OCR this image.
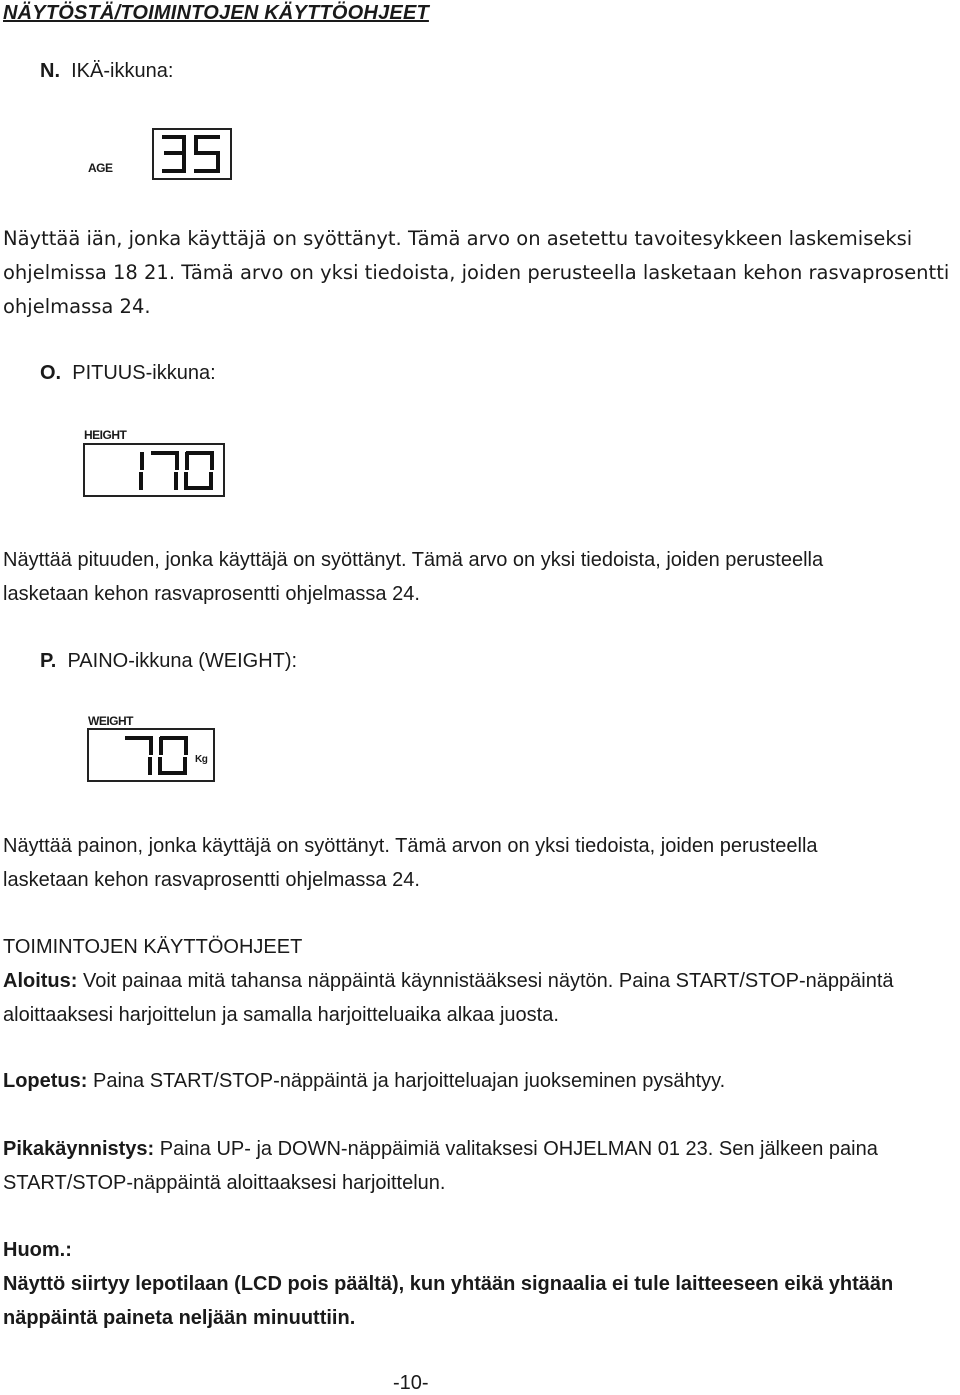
NÄYTÖSTÄ/TOIMINTOJEN KÄYTTÖOHJEET
N. IKÄ-ikkuna:
AGE
Näyttää iän, jonka käyttäjä on syöttänyt. Tämä arvo on asetettu tavoitesykkeen laskemiseksi
ohjelmissa 18 21. Tämä arvo on yksi tiedoista, joiden perusteella lasketaan kehon rasvaprosentti
ohjelmassa 24.
O. PITUUS-ikkuna:
HEIGHT
Näyttää pituuden, jonka käyttäjä on syöttänyt. Tämä arvo on yksi tiedoista, joiden perusteella
lasketaan kehon rasvaprosentti ohjelmassa 24.
P. PAINO-ikkuna (WEIGHT):
WEIGHT
Kg
Näyttää painon, jonka käyttäjä on syöttänyt. Tämä arvon on yksi tiedoista, joiden perusteella
lasketaan kehon rasvaprosentti ohjelmassa 24.
TOIMINTOJEN KÄYTTÖOHJEET
Aloitus: Voit painaa mitä tahansa näppäintä käynnistääksesi näytön. Paina START/STOP-näppäintä
aloittaaksesi harjoittelun ja samalla harjoitteluaika alkaa juosta.
Lopetus: Paina START/STOP-näppäintä ja harjoitteluajan juokseminen pysähtyy.
Pikakäynnistys: Paina UP- ja DOWN-näppäimiä valitaksesi OHJELMAN 01 23. Sen jälkeen paina
START/STOP-näppäintä aloittaaksesi harjoittelun.
Huom.:
Näyttö siirtyy lepotilaan (LCD pois päältä), kun yhtään signaalia ei tule laitteeseen eikä yhtään
näppäintä paineta neljään minuuttiin.
-10-
